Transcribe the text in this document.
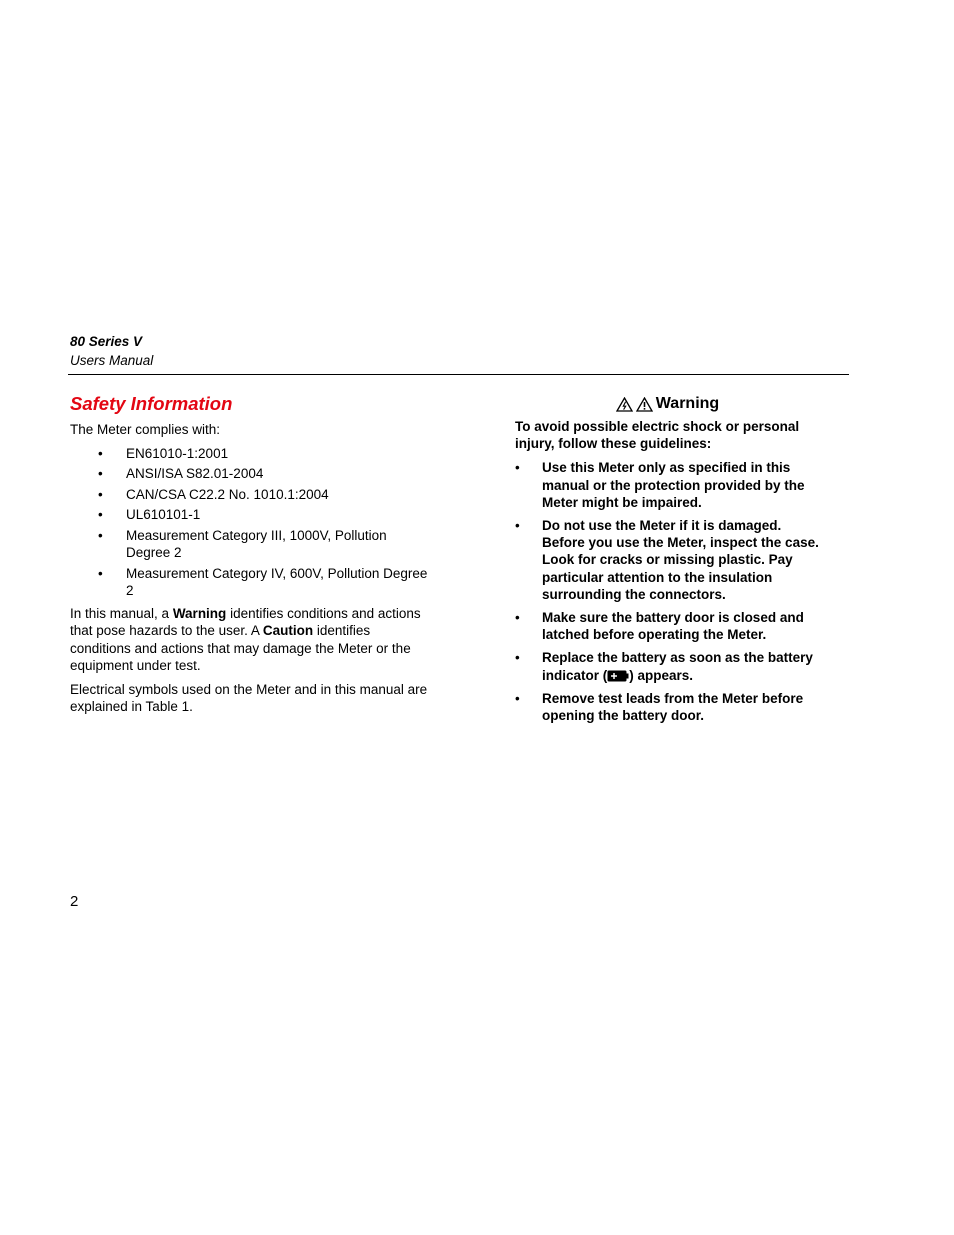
80 Series V
Users Manual
Safety Information

The Meter complies with:

• EN61010-1:2001
• ANSI/ISA S82.01-2004
• CAN/CSA C22.2 No. 1010.1:2004
• UL610101-1
• Measurement Category III, 1000V, Pollution Degree 2
• Measurement Category IV, 600V, Pollution Degree 2

In this manual, a Warning identifies conditions and actions that pose hazards to the user. A Caution identifies conditions and actions that may damage the Meter or the equipment under test.

Electrical symbols used on the Meter and in this manual are explained in Table 1.

Warning

To avoid possible electric shock or personal injury, follow these guidelines:

• Use this Meter only as specified in this manual or the protection provided by the Meter might be impaired.
• Do not use the Meter if it is damaged. Before you use the Meter, inspect the case. Look for cracks or missing plastic. Pay particular attention to the insulation surrounding the connectors.
• Make sure the battery door is closed and latched before operating the Meter.
• Replace the battery as soon as the battery indicator ( ) appears.
• Remove test leads from the Meter before opening the battery door.
2
